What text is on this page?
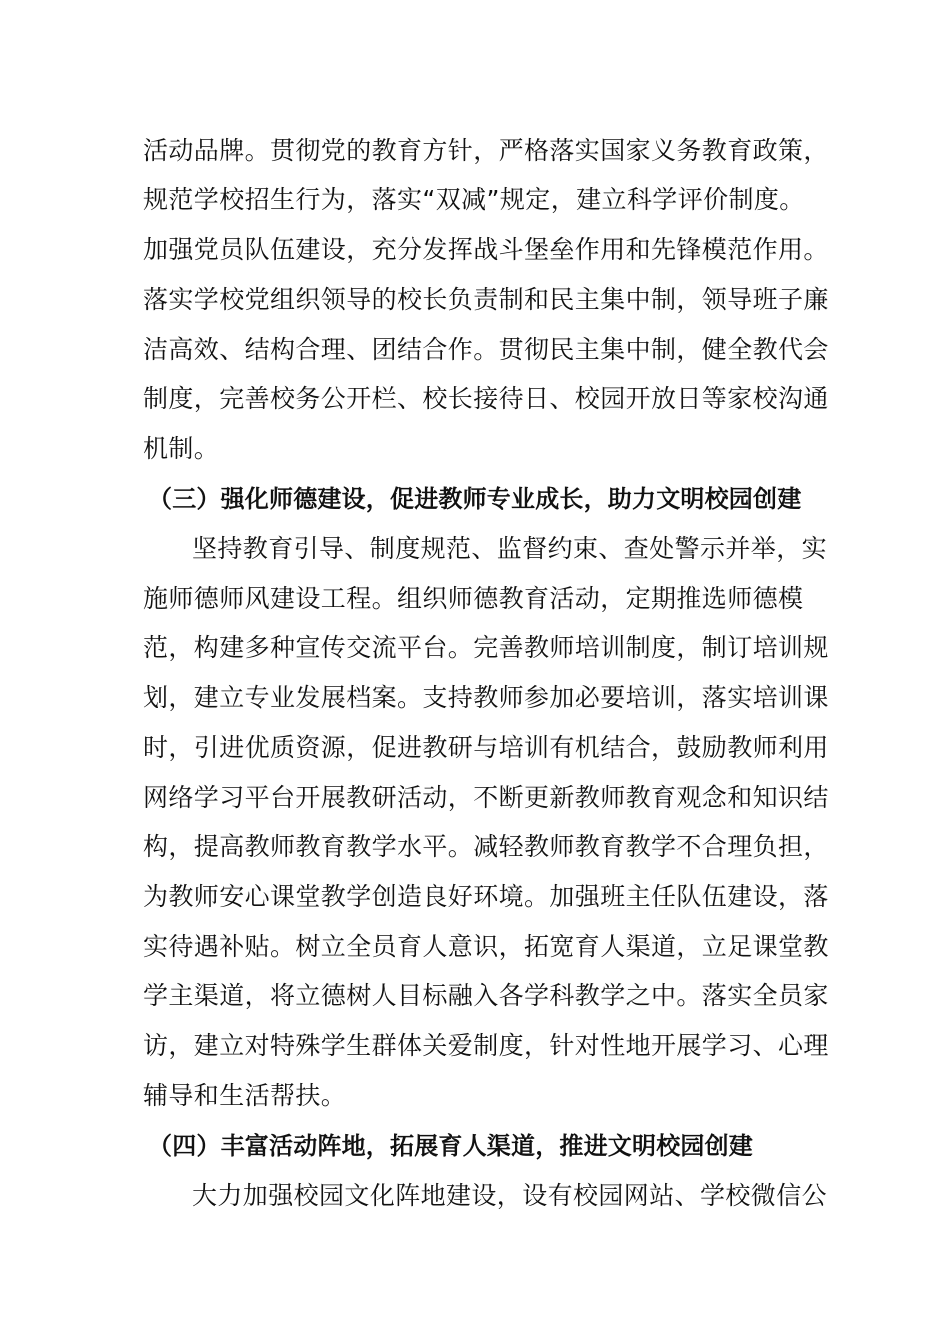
活动品牌。贯彻党的教育方针，严格落实国家义务教育政策，
规范学校招生行为，落实“双减”规定，建立科学评价制度。
加强党员队伍建设，充分发挥战斗堡垒作用和先锋模范作用。
落实学校党组织领导的校长负责制和民主集中制，领导班子廉
洁高效、结构合理、团结合作。贯彻民主集中制，健全教代会
制度，完善校务公开栏、校长接待日、校园开放日等家校沟通
机制。
（三）强化师德建设，促进教师专业成长，助力文明校园创建
坚持教育引导、制度规范、监督约束、查处警示并举，实
施师德师风建设工程。组织师德教育活动，定期推选师德模
范，构建多种宣传交流平台。完善教师培训制度，制订培训规
划，建立专业发展档案。支持教师参加必要培训，落实培训课
时，引进优质资源，促进教研与培训有机结合，鼓励教师利用
网络学习平台开展教研活动，不断更新教师教育观念和知识结
构，提高教师教育教学水平。减轻教师教育教学不合理负担，
为教师安心课堂教学创造良好环境。加强班主任队伍建设，落
实待遇补贴。树立全员育人意识，拓宽育人渠道，立足课堂教
学主渠道，将立德树人目标融入各学科教学之中。落实全员家
访，建立对特殊学生群体关爱制度，针对性地开展学习、心理
辅导和生活帮扶。
（四）丰富活动阵地，拓展育人渠道，推进文明校园创建
大力加强校园文化阵地建设，设有校园网站、学校微信公
